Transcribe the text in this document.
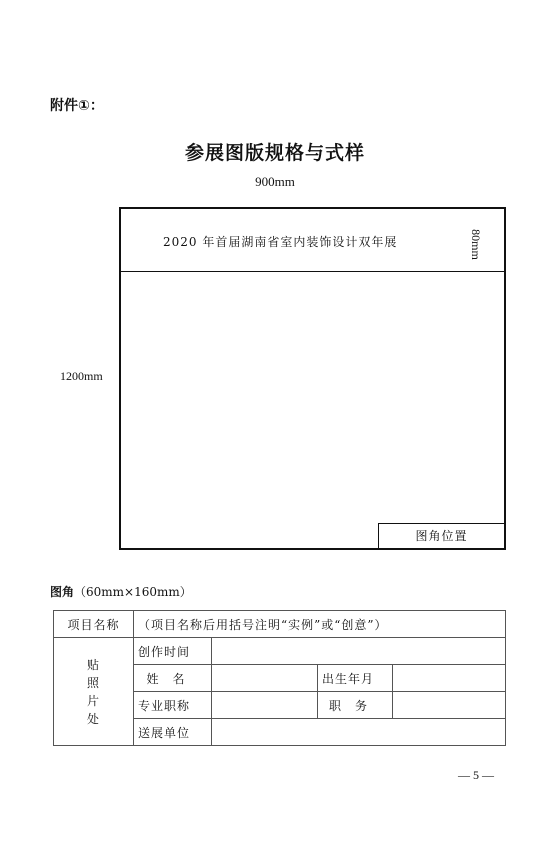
附件①：
参展图版规格与式样
900mm
1200mm
2020 年首届湖南省室内装饰设计双年展	80mm
图角位置
图角（60mm×160mm）
项目名称	（项目名称后用括号注明“实例”或“创意”）			

贴
照
片
处	创作时间			
	姓名		出生年月	
	专业职称		职务	
	送展单位			
— 5 —
